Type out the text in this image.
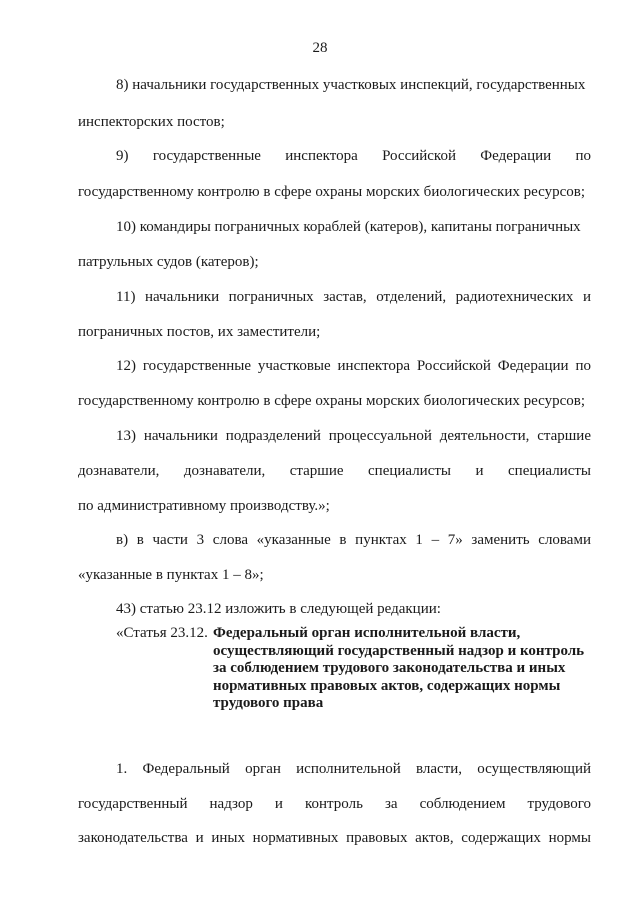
28
8) начальники государственных участковых инспекций, государственных
инспекторских постов;
9) государственные инспектора Российской Федерации по
государственному контролю в сфере охраны морских биологических ресурсов;
10) командиры пограничных кораблей (катеров), капитаны пограничных
патрульных судов (катеров);
11) начальники пограничных застав, отделений, радиотехнических и
пограничных постов, их заместители;
12) государственные участковые инспектора Российской Федерации по
государственному контролю в сфере охраны морских биологических ресурсов;
13) начальники подразделений процессуальной деятельности, старшие
дознаватели, дознаватели, старшие специалисты и специалисты
по административному производству.»;
в) в части 3 слова «указанные в пунктах 1 – 7» заменить словами
«указанные в пунктах 1 – 8»;
43) статью 23.12 изложить в следующей редакции:
«Статья 23.12. Федеральный орган исполнительной власти, осуществляющий государственный надзор и контроль за соблюдением трудового законодательства и иных нормативных правовых актов, содержащих нормы трудового права
1. Федеральный орган исполнительной власти, осуществляющий
государственный надзор и контроль за соблюдением трудового
законодательства и иных нормативных правовых актов, содержащих нормы
